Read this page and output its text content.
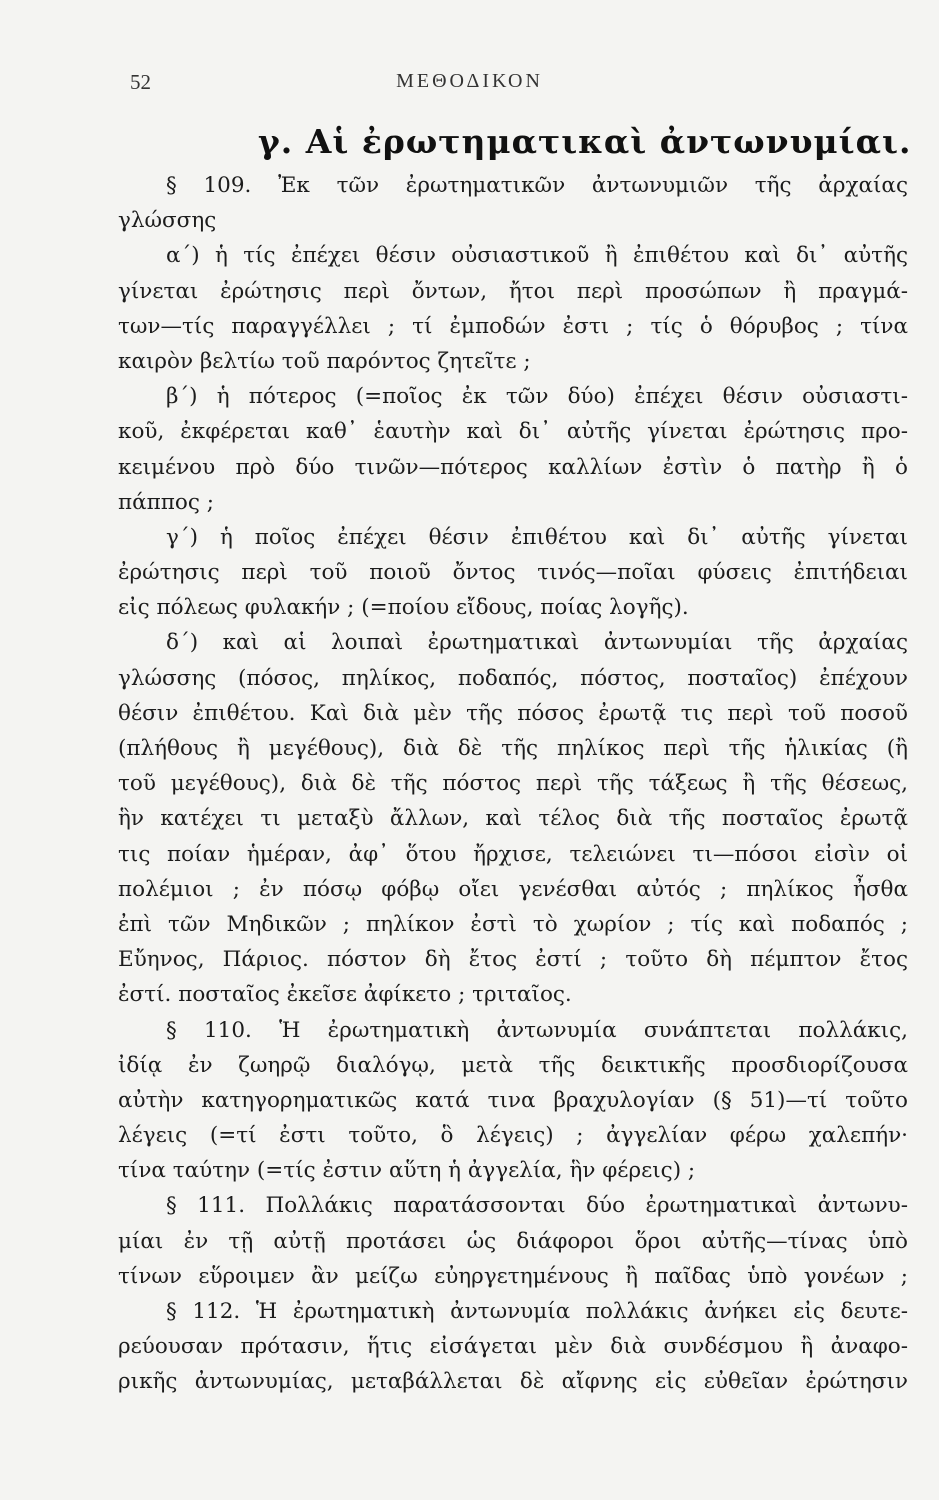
52	ΜΕΘΟΔΙΚΟΝ
γ. Αἱ ἐρωτηματικαὶ ἀντωνυμίαι.
§ 109. Ἐκ τῶν ἐρωτηματικῶν ἀντωνυμιῶν τῆς ἀρχαίας
γλώσσης
α΄) ἡ τίς ἐπέχει θέσιν οὐσιαστικοῦ ἢ ἐπιθέτου καὶ δι᾿ αὐτῆς
γίνεται ἐρώτησις περὶ ὄντων, ἤτοι περὶ προσώπων ἢ πραγμά-
των—τίς παραγγέλλει ; τί ἐμποδών ἐστι ; τίς ὁ θόρυβος ; τίνα
καιρὸν βελτίω τοῦ παρόντος ζητεῖτε ;
β΄) ἡ πότερος (=ποῖος ἐκ τῶν δύο) ἐπέχει θέσιν οὐσιαστι-
κοῦ, ἐκφέρεται καθ᾿ ἑαυτὴν καὶ δι᾿ αὐτῆς γίνεται ἐρώτησις προ-
κειμένου πρὸ δύο τινῶν—πότερος καλλίων ἐστὶν ὁ πατὴρ ἢ ὁ
πάππος ;
γ΄) ἡ ποῖος ἐπέχει θέσιν ἐπιθέτου καὶ δι᾿ αὐτῆς γίνεται
ἐρώτησις περὶ τοῦ ποιοῦ ὄντος τινός—ποῖαι φύσεις ἐπιτήδειαι
εἰς πόλεως φυλακήν ; (=ποίου εἴδους, ποίας λογῆς).
δ΄) καὶ αἱ λοιπαὶ ἐρωτηματικαὶ ἀντωνυμίαι τῆς ἀρχαίας
γλώσσης (πόσος, πηλίκος, ποδαπός, πόστος, ποσταῖος) ἐπέχουν
θέσιν ἐπιθέτου. Καὶ διὰ μὲν τῆς πόσος ἐρωτᾷ τις περὶ τοῦ ποσοῦ
(πλήθους ἢ μεγέθους), διὰ δὲ τῆς πηλίκος περὶ τῆς ἡλικίας (ἢ
τοῦ μεγέθους), διὰ δὲ τῆς πόστος περὶ τῆς τάξεως ἢ τῆς θέσεως,
ἣν κατέχει τι μεταξὺ ἄλλων, καὶ τέλος διὰ τῆς ποσταῖος ἐρωτᾷ
τις ποίαν ἡμέραν, ἀφ᾿ ὅτου ἤρχισε, τελειώνει τι—πόσοι εἰσὶν οἱ
πολέμιοι ; ἐν πόσῳ φόβῳ οἴει γενέσθαι αὐτός ; πηλίκος ἦσθα
ἐπὶ τῶν Μηδικῶν ; πηλίκον ἐστὶ τὸ χωρίον ; τίς καὶ ποδαπός ;
Εὔηνος, Πάριος. πόστον δὴ ἔτος ἐστί ; τοῦτο δὴ πέμπτον ἔτος
ἐστί. ποσταῖος ἐκεῖσε ἀφίκετο ; τριταῖος.
§ 110. Ἡ ἐρωτηματικὴ ἀντωνυμία συνάπτεται πολλάκις,
ἰδίᾳ ἐν ζωηρῷ διαλόγῳ, μετὰ τῆς δεικτικῆς προσδιορίζουσα
αὐτὴν κατηγορηματικῶς κατά τινα βραχυλογίαν (§ 51)—τί τοῦτο
λέγεις (=τί ἐστι τοῦτο, ὃ λέγεις) ; ἀγγελίαν φέρω χαλεπήν·
τίνα ταύτην (=τίς ἐστιν αὕτη ἡ ἀγγελία, ἣν φέρεις) ;
§ 111. Πολλάκις παρατάσσονται δύο ἐρωτηματικαὶ ἀντωνυ-
μίαι ἐν τῇ αὐτῇ προτάσει ὡς διάφοροι ὅροι αὐτῆς—τίνας ὑπὸ
τίνων εὕροιμεν ἂν μείζω εὐηργετημένους ἢ παῖδας ὑπὸ γονέων ;
§ 112. Ἡ ἐρωτηματικὴ ἀντωνυμία πολλάκις ἀνήκει εἰς δευτε-
ρεύουσαν πρότασιν, ἥτις εἰσάγεται μὲν διὰ συνδέσμου ἢ ἀναφο-
ρικῆς ἀντωνυμίας, μεταβάλλεται δὲ αἴφνης εἰς εὐθεῖαν ἐρώτησιν
